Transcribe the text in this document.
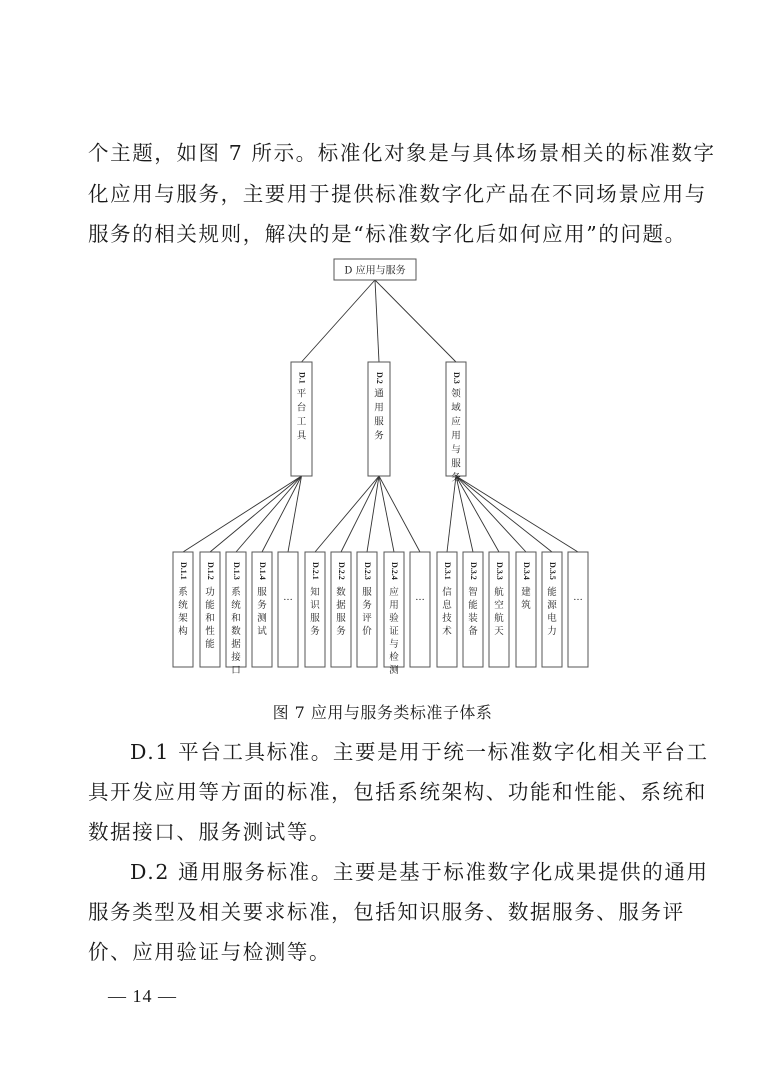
个主题，如图 7 所示。标准化对象是与具体场景相关的标准数字
化应用与服务，主要用于提供标准数字化产品在不同场景应用与
服务的相关规则，解决的是“标准数字化后如何应用”的问题。
D 应用与服务
D.1
平
台
工
具
D.2
通
用
服
务
D.3
领
域
应
用
与
服
务
D.1.1
系
统
架
构
D.1.2
功
能
和
性
能
D.1.3
系
统
和
数
据
接
口
D.1.4
服
务
测
试
…
D.2.1
知
识
服
务
D.2.2
数
据
服
务
D.2.3
服
务
评
价
D.2.4
应
用
验
证
与
检
测
…
D.3.1
信
息
技
术
D.3.2
智
能
装
备
D.3.3
航
空
航
天
D.3.4
建
筑
D.3.5
能
源
电
力
…
图 7 应用与服务类标准子体系
D.1 平台工具标准。主要是用于统一标准数字化相关平台工
具开发应用等方面的标准，包括系统架构、功能和性能、系统和
数据接口、服务测试等。
D.2 通用服务标准。主要是基于标准数字化成果提供的通用
服务类型及相关要求标准，包括知识服务、数据服务、服务评
价、应用验证与检测等。
— 14 —
